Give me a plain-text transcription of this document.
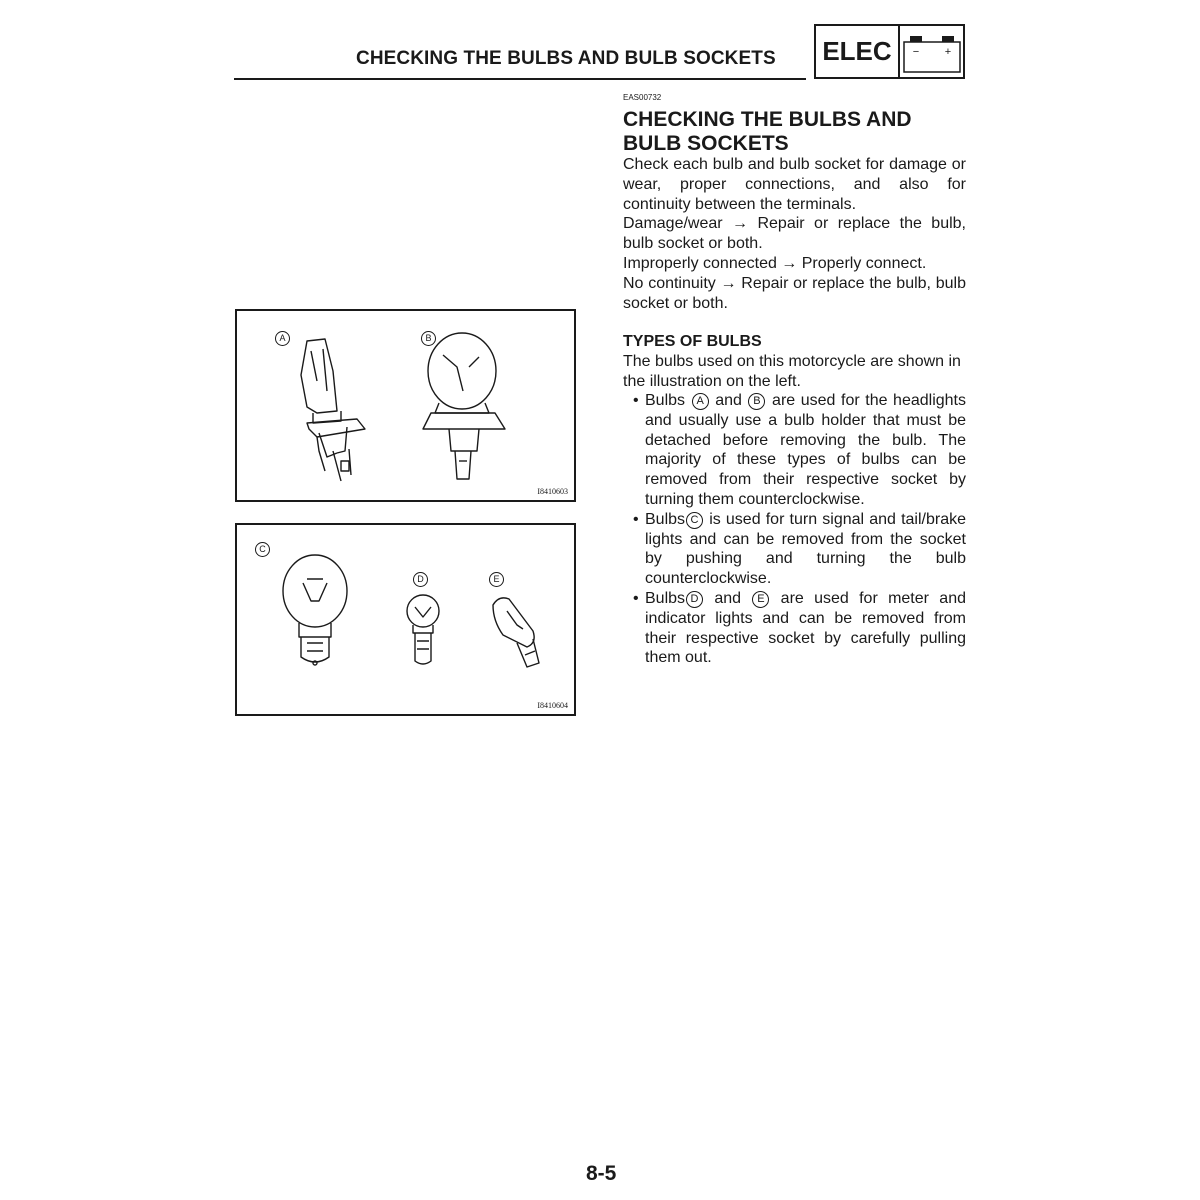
CHECKING THE BULBS AND BULB SOCKETS ELEC	− +
EAS00732
CHECKING THE BULBS AND
BULB SOCKETS

Check each bulb and bulb socket for damage or wear, proper connections, and also for continuity between the terminals.

Damage/wear → Repair or replace the bulb, bulb socket or both.

Improperly connected → Properly connect.

No continuity → Repair or replace the bulb, bulb socket or both.

TYPES OF BULBS

The bulbs used on this motorcycle are shown in the illustration on the left.

• Bulbs A and B are used for the headlights and usually use a bulb holder that must be detached before removing the bulb. The majority of these types of bulbs can be removed from their respective socket by turning them counterclockwise.
• Bulbs C is used for turn signal and tail/brake lights and can be removed from the socket by pushing and turning the bulb counterclockwise.
• Bulbs D and E are used for meter and indicator lights and can be removed from their respective socket by carefully pulling them out.
A	B
I8410603
C
D	E
I8410604
8-5
